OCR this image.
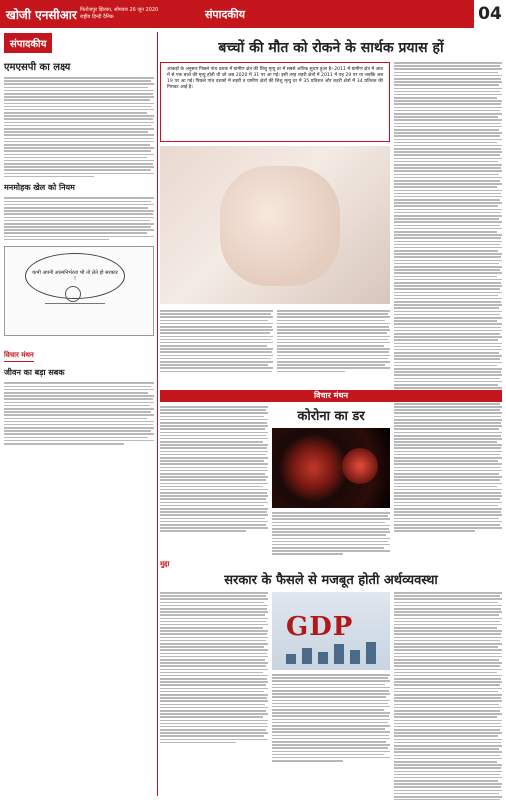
खोजी एनसीआर फिरोजपुर झिरका, सोमवार 26 जून 2020
राष्ट्रीय हिन्दी दैनिक	संपादकीय	04
संपादकीय
एमएसपी का लक्ष्य
मनमोहक खेल को नियम
कभी अपनी आत्मनिर्भरता भी तो लेते हो सरकार !
विचार मंथन
जीवन का बड़ा सबक
बच्चों की मौत को रोकने के सार्थक प्रयास हों
आंकड़ों के अनुसार पिछले पांच दशक में ग्रामीण क्षेत्र की शिशु मृत्यु दर में सबसे अधिक सुधार हुआ है। 2011 में ग्रामीण क्षेत्र में आठ में से एक बच्चे की मृत्यु होती थी जो अब 2020 में 31 पर आ गई। इसी तरह शहरी क्षेत्रों में 2011 में यह 29 पर था जबकि अब 19 पर आ गई। पिछले पांच दशकों में शहरी व ग्रामीण क्षेत्रों की शिशु मृत्यु दर में 35 प्रतिशत और शहरी क्षेत्रों में 34 प्रतिशत की गिरावट आई है।
विचार मंथन
कोरोना का डर
मुद्दा
सरकार के फैसले से मजबूत होती अर्थव्यवस्था
GDP
